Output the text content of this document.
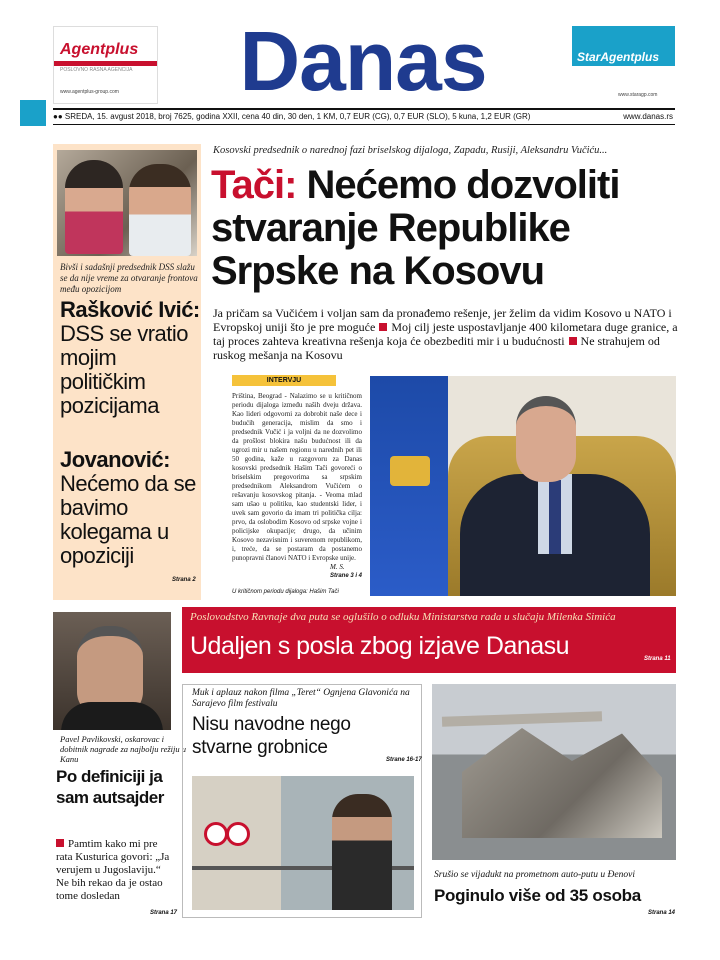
Agentplus
POSLOVNO RASNA AGENCIJA
www.agentplus-group.com	Danas	StarAgentplus
www.staragp.com
●● SREDA, 15. avgust 2018, broj 7625, godina XXII, cena 40 din, 30 den, 1 KM, 0,7 EUR (CG), 0,7 EUR (SLO), 5 kuna, 1,2 EUR (GR)	www.danas.rs
Bivši i sadašnji predsednik DSS slažu se da nije vreme za otvaranje frontova među opozicijom
Rašković Ivić: DSS se vratio mojim političkim pozicijama
Jovanović: Nećemo da se bavimo kolegama u opoziciji
Strana 2
Kosovski predsednik o narednoj fazi briselskog dijaloga, Zapadu, Rusiji, Aleksandru Vučiću...
Tači: Nećemo dozvoliti stvaranje Republike Srpske na Kosovu
Ja pričam sa Vučićem i voljan sam da pronađemo rešenje, jer želim da vidim Kosovo u NATO i Evropskoj uniji što je pre moguće Moj cilj jeste uspostavljanje 400 kilometara duge granice, a taj proces zahteva kreativna rešenja koja će obezbediti mir i u budućnosti Ne strahujem od ruskog mešanja na Kosovu
INTERVJU
Priština, Beograd - Nalazimo se u kritičnom periodu dijaloga između naših dveju država. Kao lideri odgovorni za dobrobit naše dece i budućih generacija, mislim da smo i predsednik Vučić i ja voljni da ne dozvolimo da prošlost blokira našu budućnost ili da ugrozi mir u našem regionu u narednih pet ili 50 godina, kaže u razgovoru za Danas kosovski predsednik Hašim Tači govoreći o briselskim pregovorima sa srpskim predsednikom Aleksandrom Vučićem o rešavanju kosovskog pitanja. - Veoma mlad sam ušao u politiku, kao studentski lider, i uvek sam govorio da imam tri politička cilja: prvo, da oslobodim Kosovo od srpske vojne i policijske okupacije; drugo, da učinim Kosovo nezavisnim i suverenom republikom, i, treće, da se postaram da postanemo punopravni članovi NATO i Evropske unije.
M. S.
Strane 3 i 4
U kritičnom periodu dijaloga: Hašim Tači
Poslovodstvo Ravnaje dva puta se oglušilo o odluku Ministarstva rada u slučaju Milenka Simića
Udaljen s posla zbog izjave Danasu	Strana 11
Pavel Pavlikovski, oskarovac i dobitnik nagrade za najbolju režiju u Kanu
Po definiciji ja sam autsajder
Pamtim kako mi pre rata Kusturica govori: „Ja verujem u Jugoslaviju.“ Ne bih rekao da je ostao tome dosledan
Strana 17
Muk i aplauz nakon filma „Teret“ Ognjena Glavonića na Sarajevo film festivalu
Nisu navodne nego stvarne grobnice
Strane 16-17
Srušio se vijadukt na prometnom auto-putu u Đenovi
Poginulo više od 35 osoba
Strana 14
